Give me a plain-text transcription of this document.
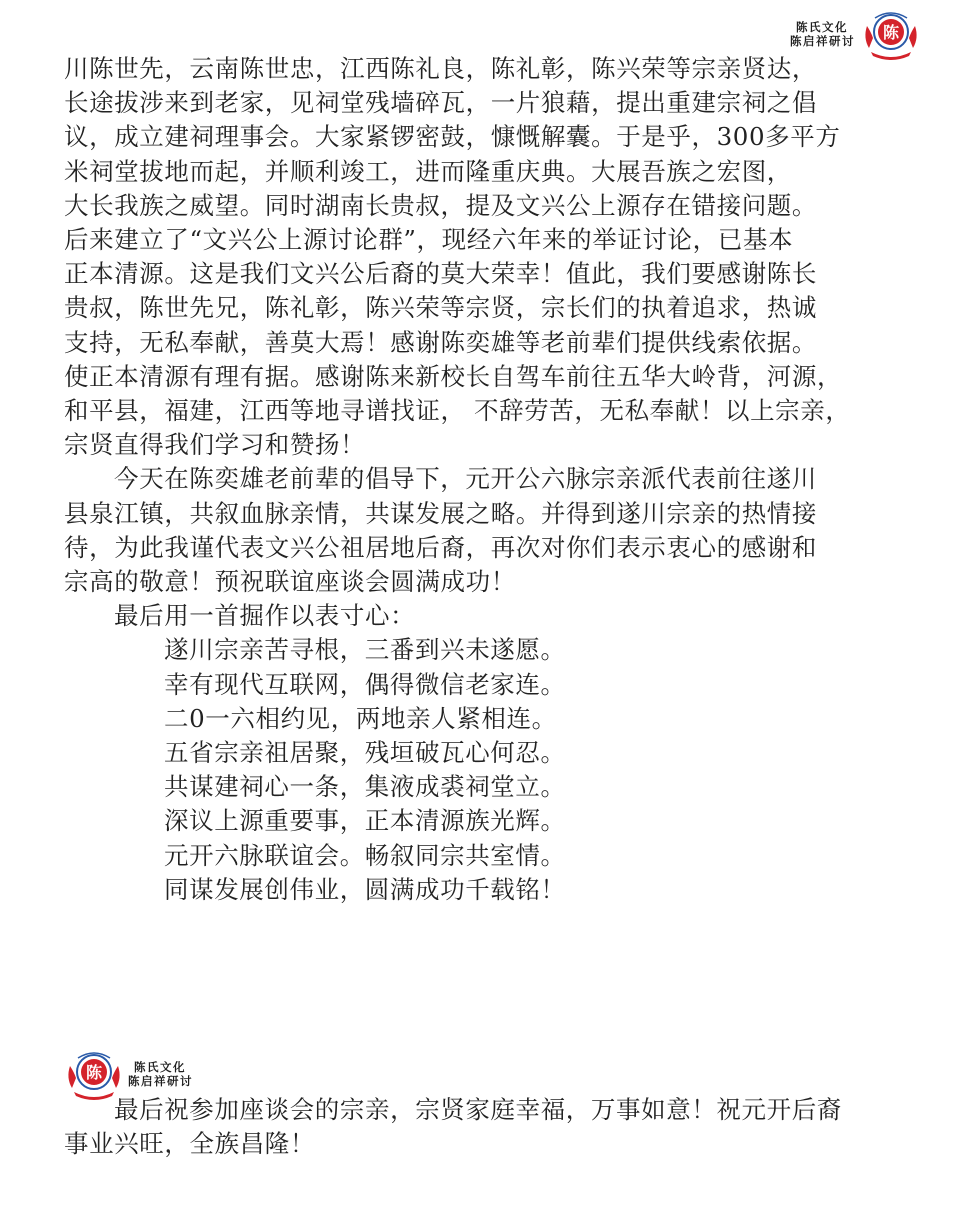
陈氏文化
陈启祥研讨 陈
川陈世先，云南陈世忠，江西陈礼良，陈礼彰，陈兴荣等宗亲贤达，
长途拔涉来到老家，见祠堂残墙碎瓦，一片狼藉，提出重建宗祠之倡
议，成立建祠理事会。大家紧锣密鼓，慷慨解囊。于是乎，300多平方
米祠堂拔地而起，并顺利竣工，进而隆重庆典。大展吾族之宏图，
大长我族之威望。同时湖南长贵叔，提及文兴公上源存在错接问题。
后来建立了“文兴公上源讨论群”，现经六年来的举证讨论，已基本
正本清源。这是我们文兴公后裔的莫大荣幸！值此，我们要感谢陈长
贵叔，陈世先兄，陈礼彰，陈兴荣等宗贤，宗长们的执着追求，热诚
支持，无私奉献，善莫大焉！感谢陈奕雄等老前辈们提供线索依据。
使正本清源有理有据。感谢陈来新校长自驾车前往五华大岭背，河源，
和平县，福建，江西等地寻谱找证， 不辞劳苦，无私奉献！以上宗亲，
宗贤直得我们学习和赞扬！
今天在陈奕雄老前辈的倡导下，元开公六脉宗亲派代表前往遂川
县泉江镇，共叙血脉亲情，共谋发展之略。并得到遂川宗亲的热情接
待，为此我谨代表文兴公祖居地后裔，再次对你们表示衷心的感谢和
宗高的敬意！预祝联谊座谈会圆满成功！
最后用一首掘作以表寸心：
遂川宗亲苦寻根，三番到兴未遂愿。
幸有现代互联网，偶得微信老家连。
二0一六相约见，两地亲人紧相连。
五省宗亲祖居聚，残垣破瓦心何忍。
共谋建祠心一条，集液成裘祠堂立。
深议上源重要事，正本清源族光辉。
元开六脉联谊会。畅叙同宗共室情。
同谋发展创伟业，圆满成功千载铭！
陈	陈氏文化
陈启祥研讨
最后祝参加座谈会的宗亲，宗贤家庭幸福，万事如意！祝元开后裔
事业兴旺，全族昌隆！
